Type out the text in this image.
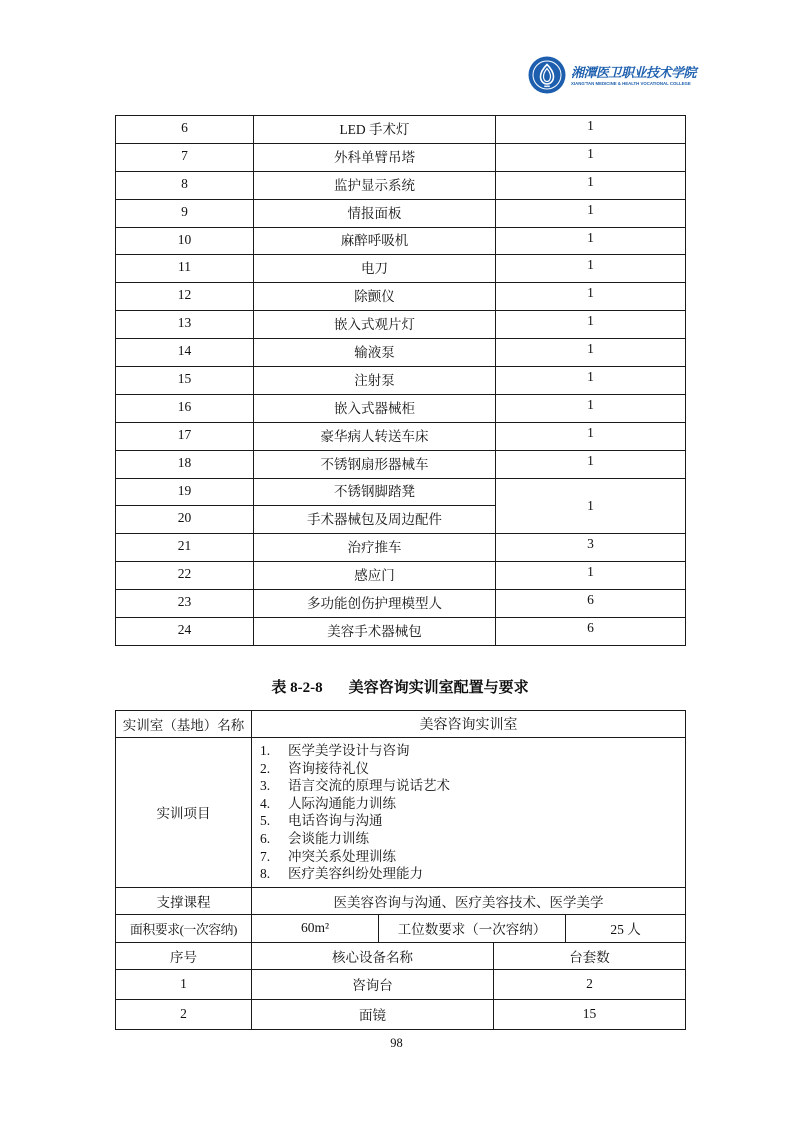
湘潭医卫职业技术学院
XIANG'TAN MEDICINE & HEALTH VOCATIONAL COLLEGE
6	LED 手术灯	1
7	外科单臂吊塔	1
8	监护显示系统	1
9	情报面板	1
10	麻醉呼吸机	1
11	电刀	1
12	除颤仪	1
13	嵌入式观片灯	1
14	输液泵	1
15	注射泵	1
16	嵌入式器械柜	1
17	豪华病人转送车床	1
18	不锈钢扇形器械车	1
19	不锈钢脚踏凳	1
20	手术器械包及周边配件	
21	治疗推车	3
22	感应门	1
23	多功能创伤护理模型人	6
24	美容手术器械包	6
表 8-2-8 美容咨询实训室配置与要求
实训室（基地）名称	美容咨询实训室			
实训项目	
1.	医学美学设计与咨询
2.	咨询接待礼仪
3.	语言交流的原理与说话艺术
4.	人际沟通能力训练
5.	电话咨询与沟通
6.	会谈能力训练
7.	冲突关系处理训练
8.	医疗美容纠纷处理能力

支撑课程	医美容咨询与沟通、医疗美容技术、医学美学			
面积要求(一次容纳)	60m²	工位数要求（一次容纳）		25 人
序号	核心设备名称		台套数	
1	咨询台		2	
2	面镜		15	
98
